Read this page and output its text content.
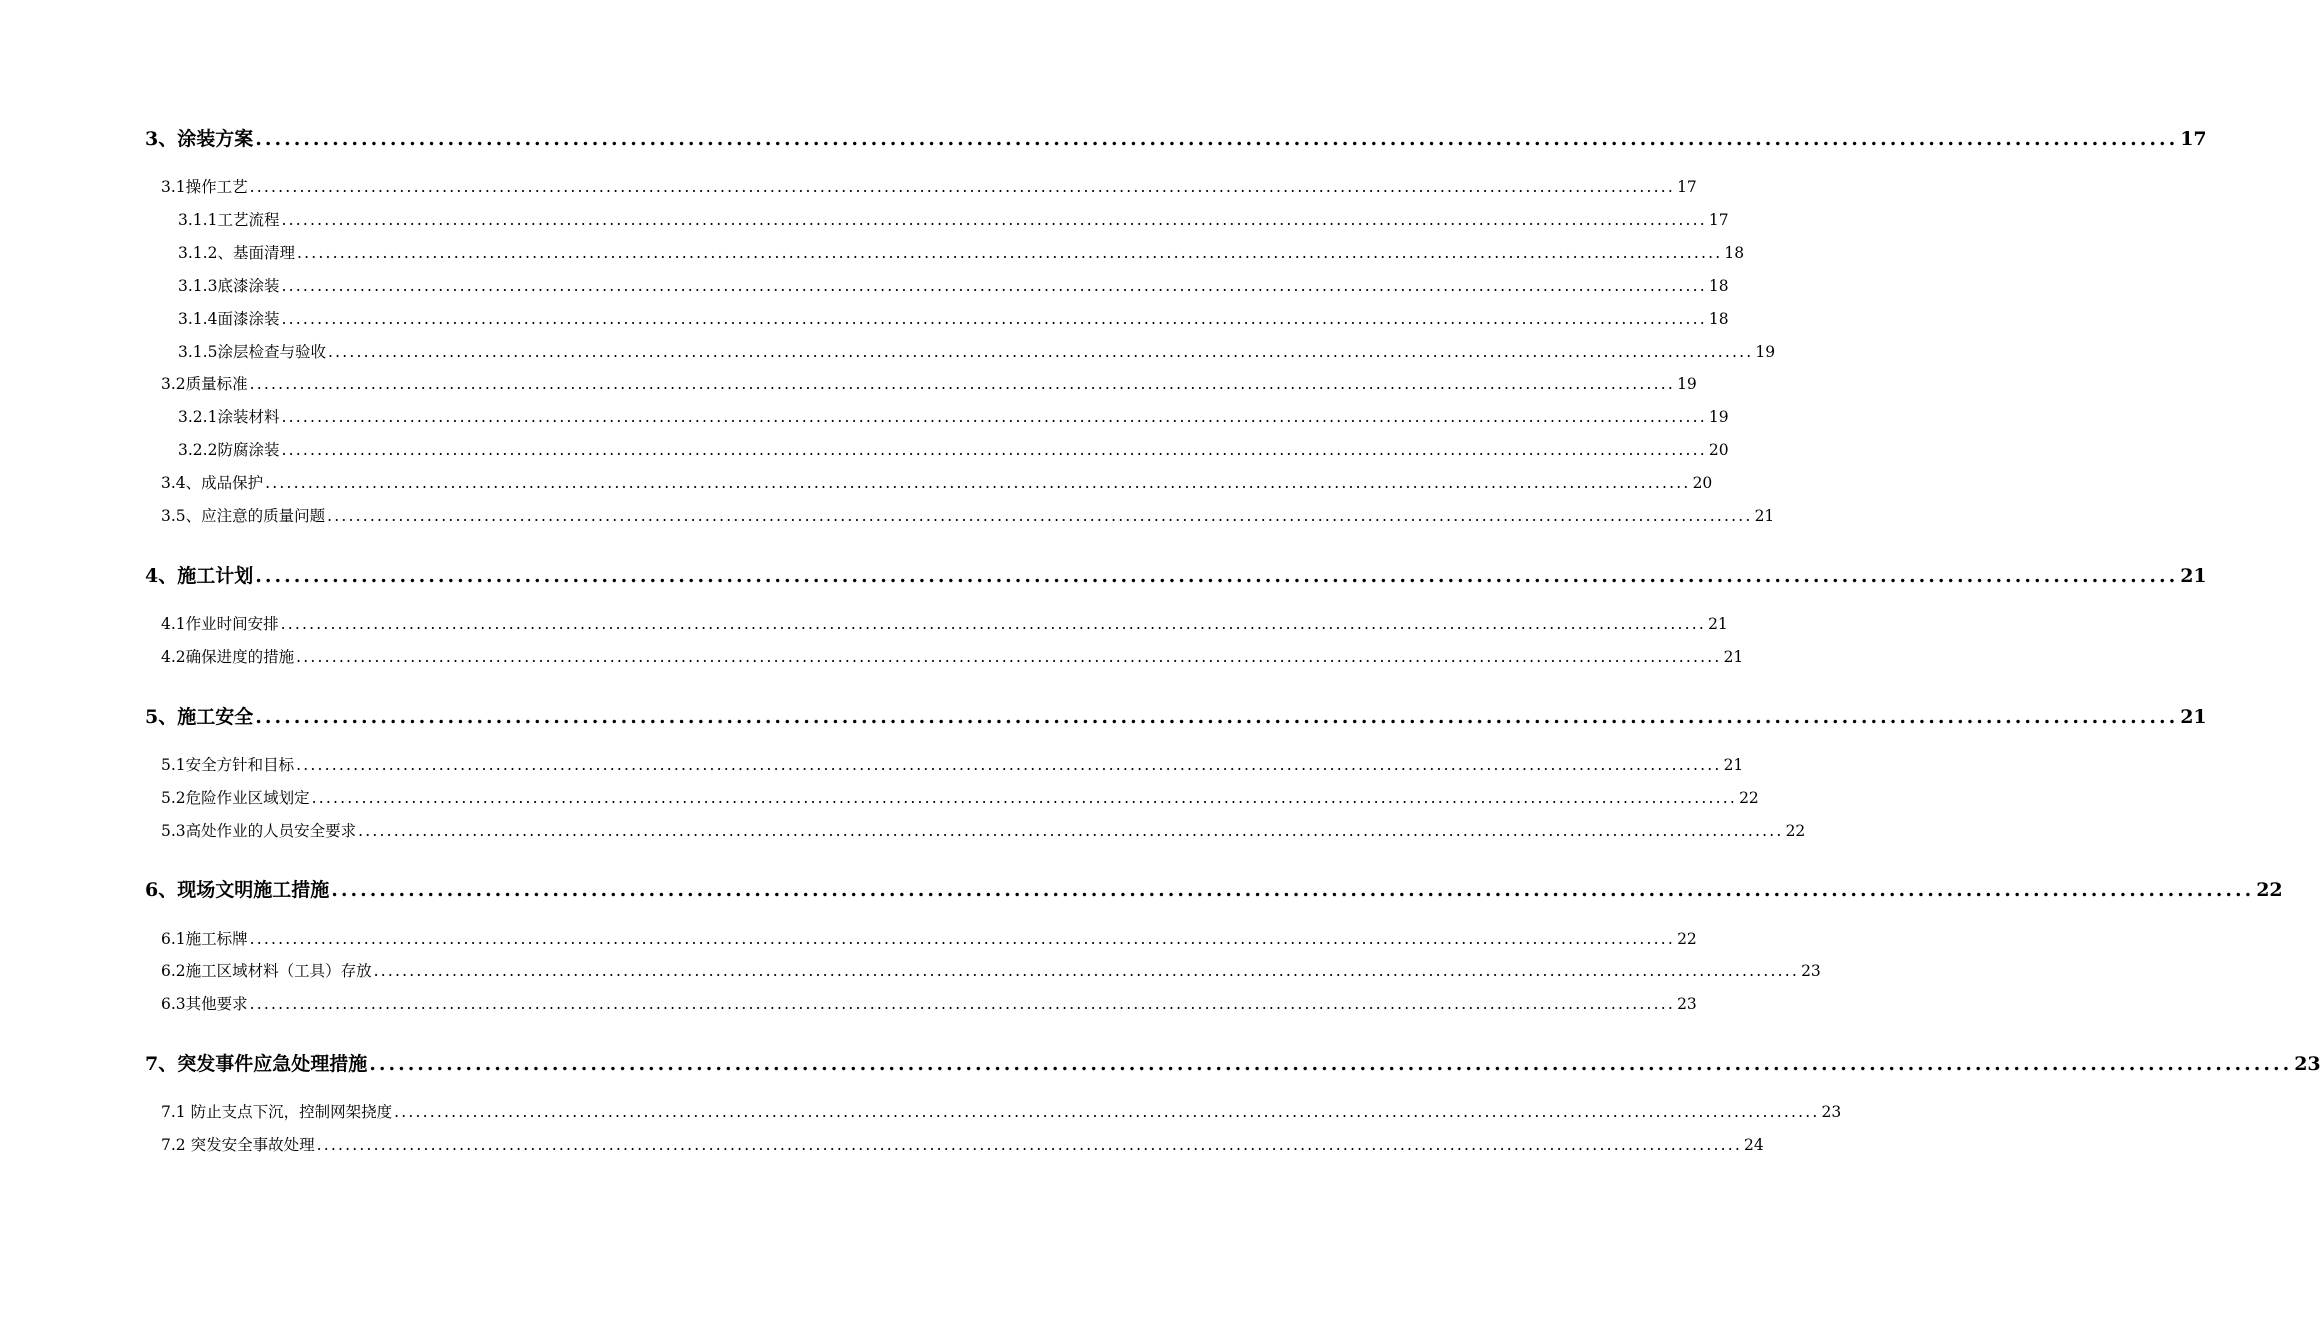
3、涂装方案 ........................................................................................................................................................................................................ 17
3.1操作工艺 ........................................................................................................................................................................................................ 17
3.1.1工艺流程 ........................................................................................................................................................................................................ 17
3.1.2、基面清理 ........................................................................................................................................................................................................ 18
3.1.3底漆涂装 ........................................................................................................................................................................................................ 18
3.1.4面漆涂装 ........................................................................................................................................................................................................ 18
3.1.5涂层检查与验收 ........................................................................................................................................................................................................ 19
3.2质量标准 ........................................................................................................................................................................................................ 19
3.2.1涂装材料 ........................................................................................................................................................................................................ 19
3.2.2防腐涂装 ........................................................................................................................................................................................................ 20
3.4、成品保护 ........................................................................................................................................................................................................ 20
3.5、应注意的质量问题 ........................................................................................................................................................................................................ 21
4、施工计划 ........................................................................................................................................................................................................ 21
4.1作业时间安排 ........................................................................................................................................................................................................ 21
4.2确保进度的措施 ........................................................................................................................................................................................................ 21
5、施工安全 ........................................................................................................................................................................................................ 21
5.1安全方针和目标 ........................................................................................................................................................................................................ 21
5.2危险作业区域划定 ........................................................................................................................................................................................................ 22
5.3高处作业的人员安全要求 ........................................................................................................................................................................................................ 22
6、现场文明施工措施 ........................................................................................................................................................................................................ 22
6.1施工标牌 ........................................................................................................................................................................................................ 22
6.2施工区域材料（工具）存放 ........................................................................................................................................................................................................ 23
6.3其他要求 ........................................................................................................................................................................................................ 23
7、突发事件应急处理措施 ........................................................................................................................................................................................................ 23
7.1 防止支点下沉，控制网架挠度 ........................................................................................................................................................................................................ 23
7.2 突发安全事故处理 ........................................................................................................................................................................................................ 24
